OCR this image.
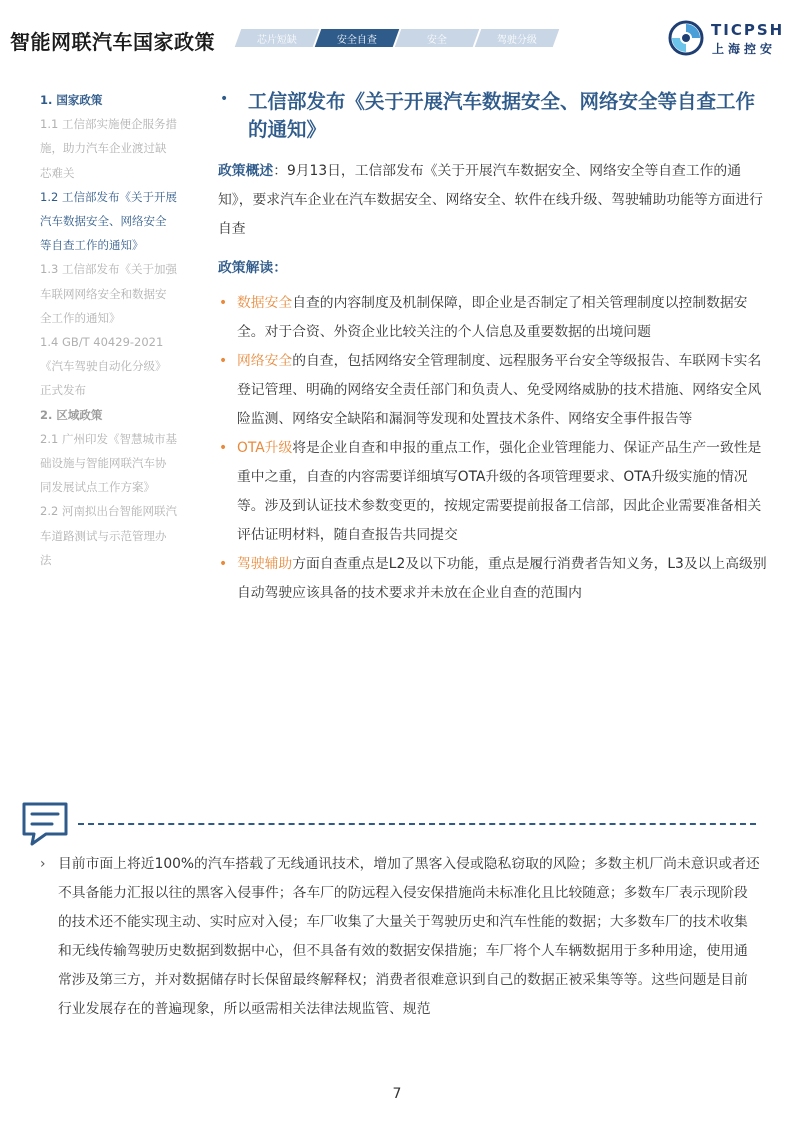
智能网联汽车国家政策	芯片短缺	安全自查	安全	驾驶分级
TICPSH
上海控安
1. 国家政策
1.1 工信部实施便企服务措
施，助力汽车企业渡过缺
芯难关
1.2 工信部发布《关于开展
汽车数据安全、网络安全
等自查工作的通知》
1.3 工信部发布《关于加强
车联网网络安全和数据安
全工作的通知》
1.4 GB/T 40429-2021
《汽车驾驶自动化分级》
正式发布
2. 区域政策
2.1 广州印发《智慧城市基
础设施与智能网联汽车协
同发展试点工作方案》
2.2 河南拟出台智能网联汽
车道路测试与示范管理办
法
• 工信部发布《关于开展汽车数据安全、网络安全等自查工作的通知》
政策概述：9月13日，工信部发布《关于开展汽车数据安全、网络安全等自查工作的通知》，要求汽车企业在汽车数据安全、网络安全、软件在线升级、驾驶辅助功能等方面进行自查
政策解读：
• 数据安全自查的内容制度及机制保障，即企业是否制定了相关管理制度以控制数据安全。对于合资、外资企业比较关注的个人信息及重要数据的出境问题
• 网络安全的自查，包括网络安全管理制度、远程服务平台安全等级报告、车联网卡实名登记管理、明确的网络安全责任部门和负责人、免受网络威胁的技术措施、网络安全风险监测、网络安全缺陷和漏洞等发现和处置技术条件、网络安全事件报告等
• OTA升级将是企业自查和申报的重点工作，强化企业管理能力、保证产品生产一致性是重中之重，自查的内容需要详细填写OTA升级的各项管理要求、OTA升级实施的情况等。涉及到认证技术参数变更的，按规定需要提前报备工信部，因此企业需要准备相关评估证明材料，随自查报告共同提交
• 驾驶辅助方面自查重点是L2及以下功能，重点是履行消费者告知义务，L3及以上高级别自动驾驶应该具备的技术要求并未放在企业自查的范围内
› 目前市面上将近100%的汽车搭载了无线通讯技术，增加了黑客入侵或隐私窃取的风险；多数主机厂尚未意识或者还不具备能力汇报以往的黑客入侵事件；各车厂的防远程入侵安保措施尚未标准化且比较随意；多数车厂表示现阶段的技术还不能实现主动、实时应对入侵；车厂收集了大量关于驾驶历史和汽车性能的数据；大多数车厂的技术收集和无线传输驾驶历史数据到数据中心，但不具备有效的数据安保措施；车厂将个人车辆数据用于多种用途，使用通常涉及第三方，并对数据储存时长保留最终解释权；消费者很难意识到自己的数据正被采集等等。这些问题是目前行业发展存在的普遍现象，所以亟需相关法律法规监管、规范
7
